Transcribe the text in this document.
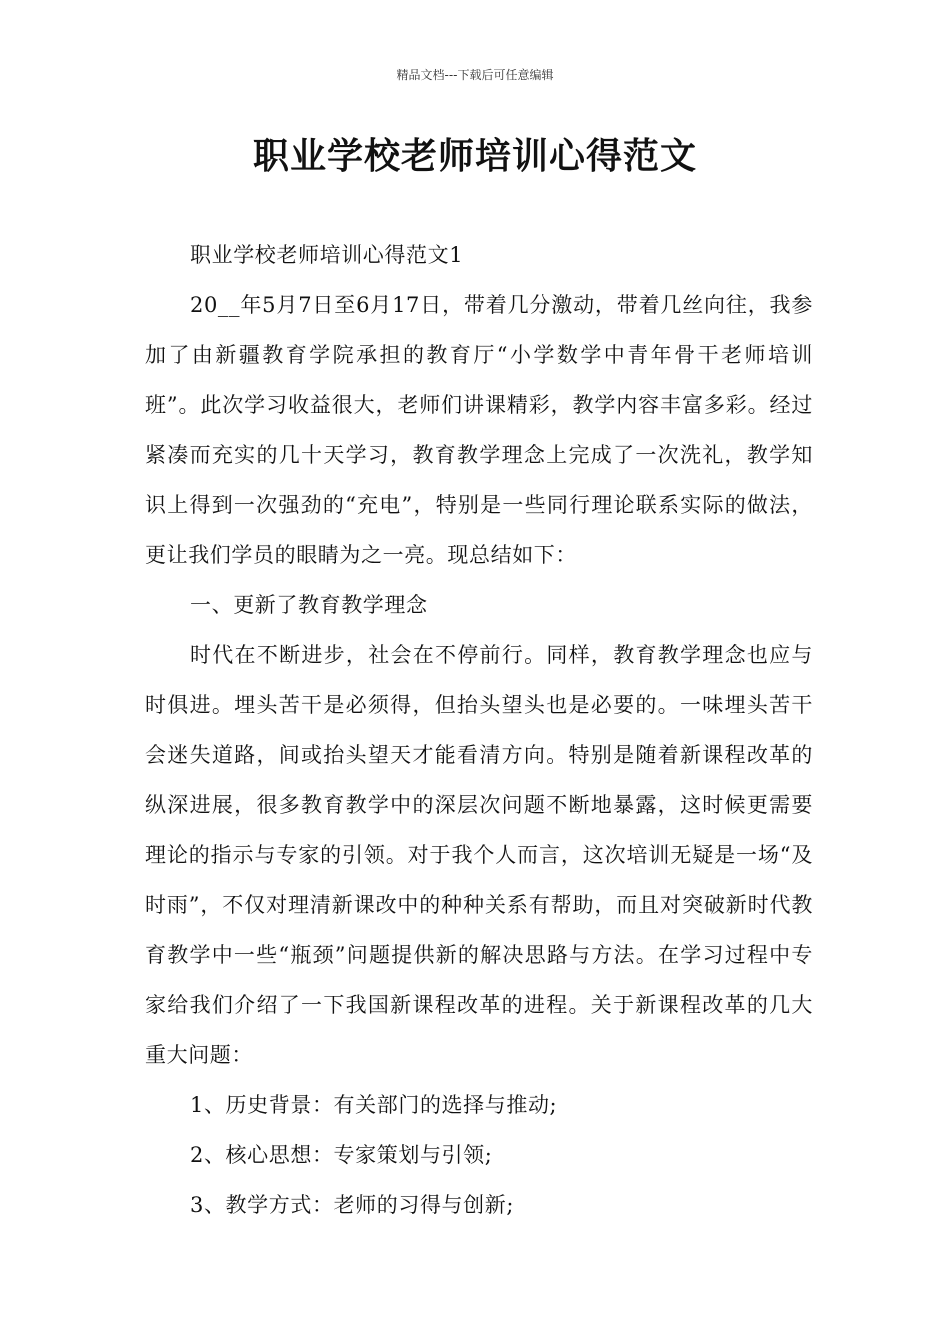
精品文档---下载后可任意编辑
职业学校老师培训心得范文

职业学校老师培训心得范文1

20__年5月7日至6月17日，带着几分激动，带着几丝向往，我参加了由新疆教育学院承担的教育厅“小学数学中青年骨干老师培训班”。此次学习收益很大，老师们讲课精彩，教学内容丰富多彩。经过紧凑而充实的几十天学习，教育教学理念上完成了一次洗礼，教学知识上得到一次强劲的“充电”，特别是一些同行理论联系实际的做法，更让我们学员的眼睛为之一亮。现总结如下：

一、更新了教育教学理念

时代在不断进步，社会在不停前行。同样，教育教学理念也应与时俱进。埋头苦干是必须得，但抬头望头也是必要的。一味埋头苦干会迷失道路，间或抬头望天才能看清方向。特别是随着新课程改革的纵深进展，很多教育教学中的深层次问题不断地暴露，这时候更需要理论的指示与专家的引领。对于我个人而言，这次培训无疑是一场“及时雨”，不仅对理清新课改中的种种关系有帮助，而且对突破新时代教育教学中一些“瓶颈”问题提供新的解决思路与方法。在学习过程中专家给我们介绍了一下我国新课程改革的进程。关于新课程改革的几大重大问题：

1、历史背景：有关部门的选择与推动;

2、核心思想：专家策划与引领;

3、教学方式：老师的习得与创新;
